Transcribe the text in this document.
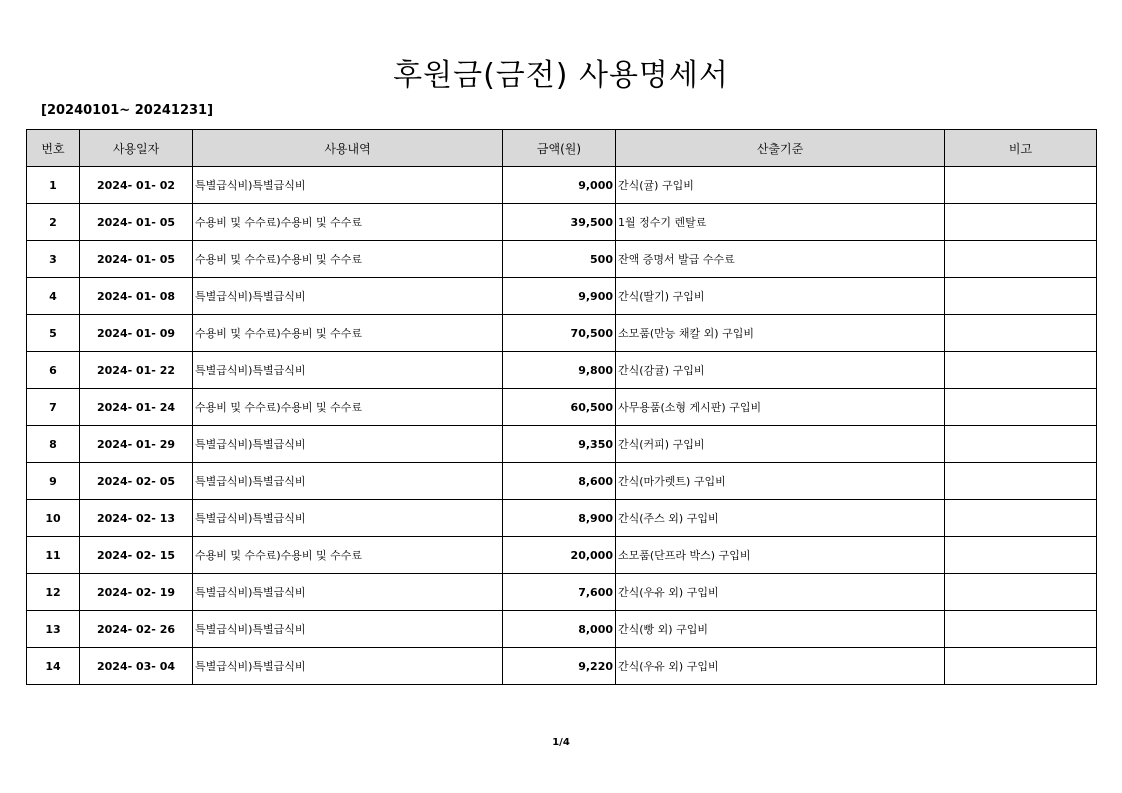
후원금(금전) 사용명세서
[20240101~ 20241231]
번호	사용일자	사용내역	금액(원)	산출기준	비고
1	2024- 01- 02	특별급식비)특별급식비	9,000	간식(귤) 구입비	
2	2024- 01- 05	수용비 및 수수료)수용비 및 수수료	39,500	1월 정수기 렌탈료	
3	2024- 01- 05	수용비 및 수수료)수용비 및 수수료	500	잔액 증명서 발급 수수료	
4	2024- 01- 08	특별급식비)특별급식비	9,900	간식(딸기) 구입비	
5	2024- 01- 09	수용비 및 수수료)수용비 및 수수료	70,500	소모품(만능 채칼 외) 구입비	
6	2024- 01- 22	특별급식비)특별급식비	9,800	간식(감귤) 구입비	
7	2024- 01- 24	수용비 및 수수료)수용비 및 수수료	60,500	사무용품(소형 게시판) 구입비	
8	2024- 01- 29	특별급식비)특별급식비	9,350	간식(커피) 구입비	
9	2024- 02- 05	특별급식비)특별급식비	8,600	간식(마가렛트) 구입비	
10	2024- 02- 13	특별급식비)특별급식비	8,900	간식(주스 외) 구입비	
11	2024- 02- 15	수용비 및 수수료)수용비 및 수수료	20,000	소모품(단프라 박스) 구입비	
12	2024- 02- 19	특별급식비)특별급식비	7,600	간식(우유 외) 구입비	
13	2024- 02- 26	특별급식비)특별급식비	8,000	간식(빵 외) 구입비	
14	2024- 03- 04	특별급식비)특별급식비	9,220	간식(우유 외) 구입비	
1/4
